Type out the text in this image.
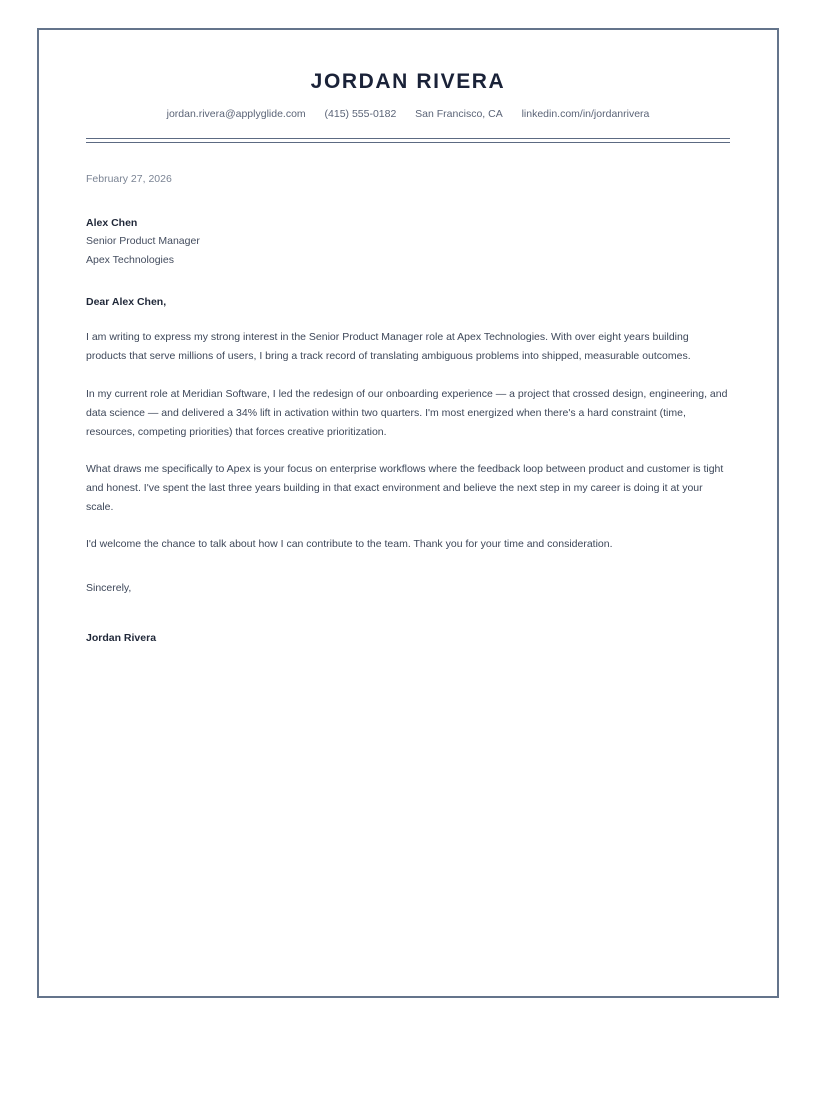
JORDAN RIVERA
jordan.rivera@applyglide.com (415) 555-0182 San Francisco, CA linkedin.com/in/jordanrivera
February 27, 2026
Alex Chen
Senior Product Manager
Apex Technologies
Dear Alex Chen,

I am writing to express my strong interest in the Senior Product Manager role at Apex Technologies. With over eight years building products that serve millions of users, I bring a track record of translating ambiguous problems into shipped, measurable outcomes.

In my current role at Meridian Software, I led the redesign of our onboarding experience — a project that crossed design, engineering, and data science — and delivered a 34% lift in activation within two quarters. I'm most energized when there's a hard constraint (time, resources, competing priorities) that forces creative prioritization.

What draws me specifically to Apex is your focus on enterprise workflows where the feedback loop between product and customer is tight and honest. I've spent the last three years building in that exact environment and believe the next step in my career is doing it at your scale.

I'd welcome the chance to talk about how I can contribute to the team. Thank you for your time and consideration.

Sincerely,
Jordan Rivera
